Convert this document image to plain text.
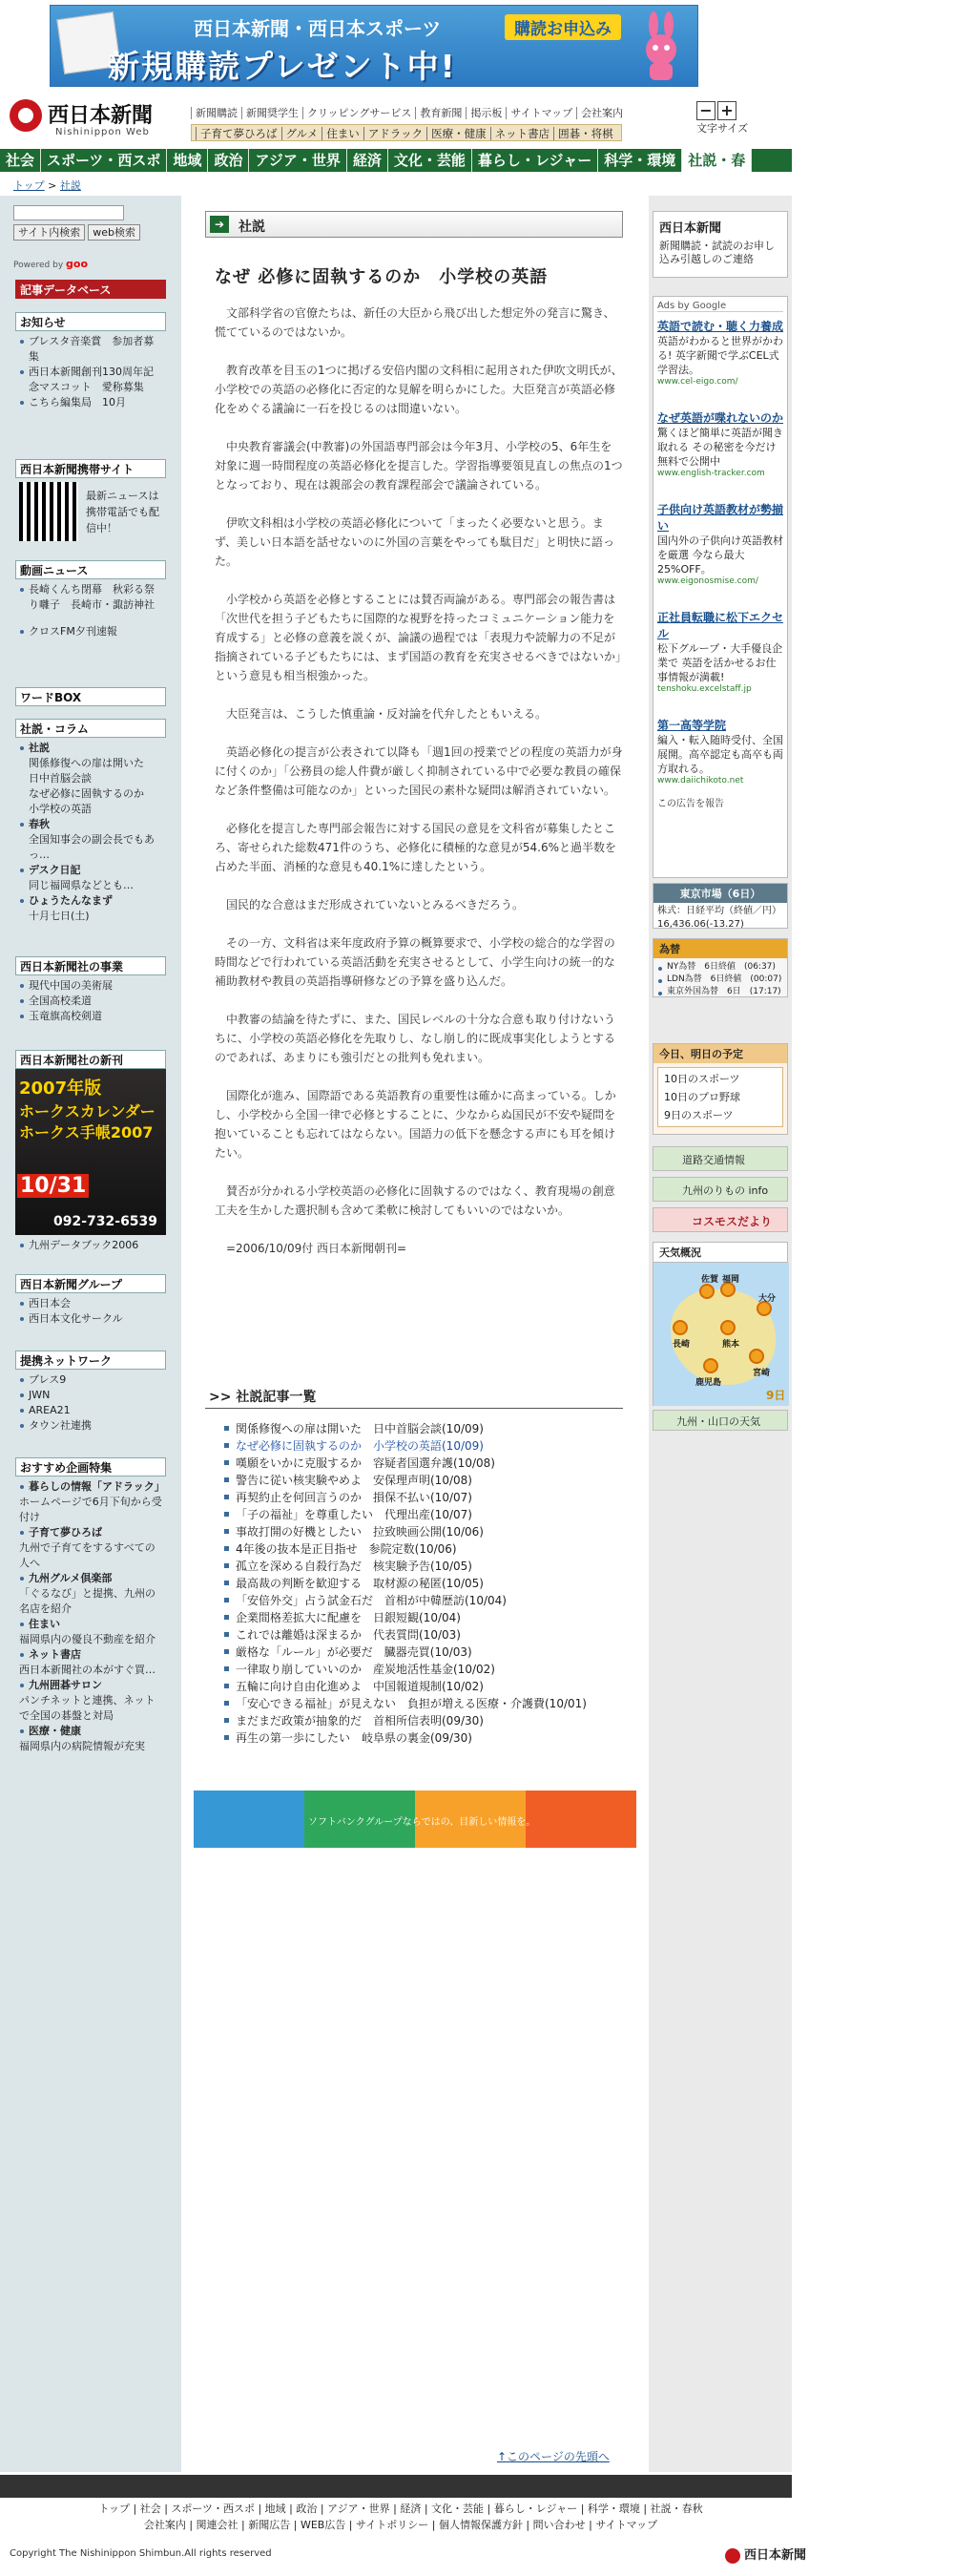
西日本新聞・西日本スポーツ	購読お申込み
新規購読プレゼント中!
西日本新聞
Nishinippon Web
新聞購読 新聞奨学生 クリッピングサービス 教育新聞 掲示板 サイトマップ 会社案内
子育て夢ひろば グルメ 住まい アドラック 医療・健康 ネット書店 囲碁・将棋
− +
文字サイズ
社会 スポーツ・西スポ 地域 政治 アジア・世界 経済 文化・芸能 暮らし・レジャー 科学・環境 社説・春
トップ > 社説
サイト内検索 web検索
Powered by goo
記事データベース
お知らせ
ブレスタ音楽賞　参加者募集
西日本新聞創刊130周年記念マスコット　愛称募集
こちら編集局　10月
西日本新聞携帯サイト
最新ニュースは携帯電話でも配信中！
動画ニュース
長崎くんち閉幕　秋彩る祭り囃子　長崎市・諏訪神社
クロスFM夕刊速報
ワードBOX
社説・コラム
社説
関係修復への扉は開いた　日中首脳会談
なぜ必修に固執するのか　小学校の英語
春秋
全国知事会の副会長でもあっ…
デスク日記
同じ福岡県などとも…
ひょうたんなまず
十月七日(土)
西日本新聞社の事業
現代中国の美術展
全国高校柔道
玉竜旗高校剣道
西日本新聞社の新刊
2007年版
ホークスカレンダー
ホークス手帳2007
10/31
092-732-6539
九州データブック2006
西日本新聞グループ
西日本会
西日本文化サークル
提携ネットワーク
ブレス9
JWN
AREA21
タウン社連携
おすすめ企画特集
暮らしの情報「アドラック」
ホームページで6月下旬から受付け
子育て夢ひろば
九州で子育てをするすべての人へ
九州グルメ倶楽部
「ぐるなび」と提携、九州の名店を紹介
住まい
福岡県内の優良不動産を紹介
ネット書店
西日本新聞社の本がすぐ買…
九州囲碁サロン
パンチネットと連携、ネットで全国の碁盤と対局
医療・健康
福岡県内の病院情報が充実
➔	社説
なぜ 必修に固執するのか　小学校の英語

文部科学省の官僚たちは、新任の大臣から飛び出した想定外の発言に驚き、慌てているのではないか。

教育改革を目玉の1つに掲げる安倍内閣の文科相に起用された伊吹文明氏が、小学校での英語の必修化に否定的な見解を明らかにした。大臣発言が英語必修化をめぐる議論に一石を投じるのは間違いない。

中央教育審議会(中教審)の外国語専門部会は今年3月、小学校の5、6年生を対象に週一時間程度の英語必修化を提言した。学習指導要領見直しの焦点の1つとなっており、現在は親部会の教育課程部会で議論されている。

伊吹文科相は小学校の英語必修化について「まったく必要ないと思う。まず、美しい日本語を話せないのに外国の言葉をやっても駄目だ」と明快に語った。

小学校から英語を必修とすることには賛否両論がある。専門部会の報告書は「次世代を担う子どもたちに国際的な視野を持ったコミュニケーション能力を育成する」と必修の意義を説くが、論議の過程では「表現力や読解力の不足が指摘されている子どもたちには、まず国語の教育を充実させるべきではないか」という意見も相当根強かった。

大臣発言は、こうした慎重論・反対論を代弁したともいえる。

英語必修化の提言が公表されて以降も「週1回の授業でどの程度の英語力が身に付くのか」「公務員の総人件費が厳しく抑制されている中で必要な教員の確保など条件整備は可能なのか」といった国民の素朴な疑問は解消されていない。

必修化を提言した専門部会報告に対する国民の意見を文科省が募集したところ、寄せられた総数471件のうち、必修化に積極的な意見が54.6%と過半数を占めた半面、消極的な意見も40.1%に達したという。

国民的な合意はまだ形成されていないとみるべきだろう。

その一方、文科省は来年度政府予算の概算要求で、小学校の総合的な学習の時間などで行われている英語活動を充実させるとして、小学生向けの統一的な補助教材や教員の英語指導研修などの予算を盛り込んだ。

中教審の結論を待たずに、また、国民レベルの十分な合意も取り付けないうちに、小学校の英語必修化を先取りし、なし崩し的に既成事実化しようとするのであれば、あまりにも強引だとの批判も免れまい。

国際化が進み、国際語である英語教育の重要性は確かに高まっている。しかし、小学校から全国一律で必修とすることに、少なからぬ国民が不安や疑問を抱いていることも忘れてはならない。国語力の低下を懸念する声にも耳を傾けたい。

賛否が分かれる小学校英語の必修化に固執するのではなく、教育現場の創意工夫を生かした選択制も含めて柔軟に検討してもいいのではないか。

=2006/10/09付 西日本新聞朝刊=

>> 社説記事一覧
関係修復への扉は開いた　日中首脳会談(10/09)
なぜ必修に固執するのか　小学校の英語(10/09)
嘆願をいかに克服するか　容疑者国選弁護(10/08)
警告に従い核実験やめよ　安保理声明(10/08)
再契約止を何回言うのか　損保不払い(10/07)
「子の福祉」を尊重したい　代理出産(10/07)
事故打開の好機としたい　拉致映画公開(10/06)
4年後の抜本是正目指せ　参院定数(10/06)
孤立を深める自殺行為だ　核実験予告(10/05)
最高裁の判断を歓迎する　取材源の秘匿(10/05)
「安倍外交」占う試金石だ　首相が中韓歴訪(10/04)
企業間格差拡大に配慮を　日銀短観(10/04)
これでは離婚は深まるか　代表質問(10/03)
厳格な「ルール」が必要だ　臓器売買(10/03)
一律取り崩していいのか　産炭地活性基金(10/02)
五輪に向け自由化進めよ　中国報道規制(10/02)
「安心できる福祉」が見えない　負担が増える医療・介護費(10/01)
まだまだ政策が抽象的だ　首相所信表明(09/30)
再生の第一歩にしたい　岐阜県の裏金(09/30)
ソフトバンクグループならではの、目新しい情報を。
↑このページの先頭へ
西日本新聞
新聞購読・試読のお申し込み引越しのご連絡
Ads by Google
英語で読む・聴く力養成
英語がわかると世界がかわる! 英字新聞で学ぶCEL式学習法。
www.cel-eigo.com/
なぜ英語が喋れないのか
驚くほど簡単に英語が聞き取れる その秘密を今だけ無料で公開中
www.english-tracker.com
子供向け英語教材が勢揃い
国内外の子供向け英語教材を厳選 今なら最大25%OFF。
www.eigonosmise.com/
正社員転職に松下エクセル
松下グループ・大手優良企業で 英語を活かせるお仕事情報が満載!
tenshoku.excelstaff.jp
第一高等学院
編入・転入随時受付、全国展開。高卒認定も高卒も両方取れる。
www.daiichikoto.net
この広告を報告
東京市場（6日）
株式：日経平均（終値／円）16,436.06(-13.27)
為替
NY為替　6日終値　(06:37)
LDN為替　6日終値　(00:07)
東京外国為替　6日　(17:17)
今日、明日の予定
10日のスポーツ
10日のプロ野球
9日のスポーツ
道路交通情報
九州のりもの info
コスモスだより
天気概況
佐賀 福岡
大分
熊本
長崎
宮崎
鹿児島
9日
九州・山口の天気
トップ | 社会 | スポーツ・西スポ | 地域 | 政治 | アジア・世界 | 経済 | 文化・芸能 | 暮らし・レジャー | 科学・環境 | 社説・春秋
会社案内 | 関連会社 | 新聞広告 | WEB広告 | サイトポリシー | 個人情報保護方針 | 問い合わせ | サイトマップ
Copyright The Nishinippon Shimbun.All rights reserved	西日本新聞
